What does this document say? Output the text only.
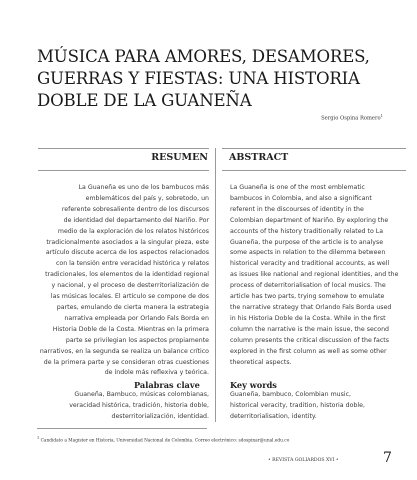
MÚSICA PARA AMORES, DESAMORES,
GUERRAS Y FIESTAS: UNA HISTORIA
DOBLE DE LA GUANEÑA
Sergio Ospina Romero$^1$
RESUMEN ABSTRACT
La Guaneña es uno de los bambucos más
emblemáticos del país y, sobretodo, un
referente sobresaliente dentro de los discursos
de identidad del departamento del Nariño. Por
medio de la exploración de los relatos históricos
tradicionalmente asociados a la singular pieza, este
artículo discute acerca de los aspectos relacionados
con la tensión entre veracidad histórica y relatos
tradicionales, los elementos de la identidad regional
y nacional, y el proceso de desterritorialización de
las músicas locales. El artículo se compone de dos
partes, emulando de cierta manera la estrategia
narrativa empleada por Orlando Fals Borda en
Historia Doble de la Costa. Mientras en la primera
parte se privilegian los aspectos propiamente
narrativos, en la segunda se realiza un balance crítico
de la primera parte y se consideran otras cuestiones
de índole más reflexiva y teórica.
La Guaneña is one of the most emblematic
bambucos in Colombia, and also a significant
referent in the discourses of identity in the
Colombian department of Nariño. By exploring the
accounts of the history traditionally related to La
Guaneña, the purpose of the article is to analyse
some aspects in relation to the dilemma between
historical veracity and traditional accounts, as well
as issues like national and regional identities, and the
process of deterritorialisation of local musics. The
article has two parts, trying somehow to emulate
the narrative strategy that Orlando Fals Borda used
in his Historia Doble de la Costa. While in the first
column the narrative is the main issue, the second
column presents the critical discussion of the facts
explored in the first column as well as some other
theoretical aspects.
Palabras clave	Key words
Guaneña, Bambuco, músicas colombianas,
veracidad histórica, tradición, historia doble,
desterritorialización, identidad.
Guaneña, bambuco, Colombian music,
historical veracity, tradition, historia doble,
deterritorialisation, identity.
$^1$ Candidato a Magister en Historia, Universidad Nacional de Colombia. Correo electrónico: sdospinar@unal.edu.co
• REVISTA GOLIARDOS XVI •	7
